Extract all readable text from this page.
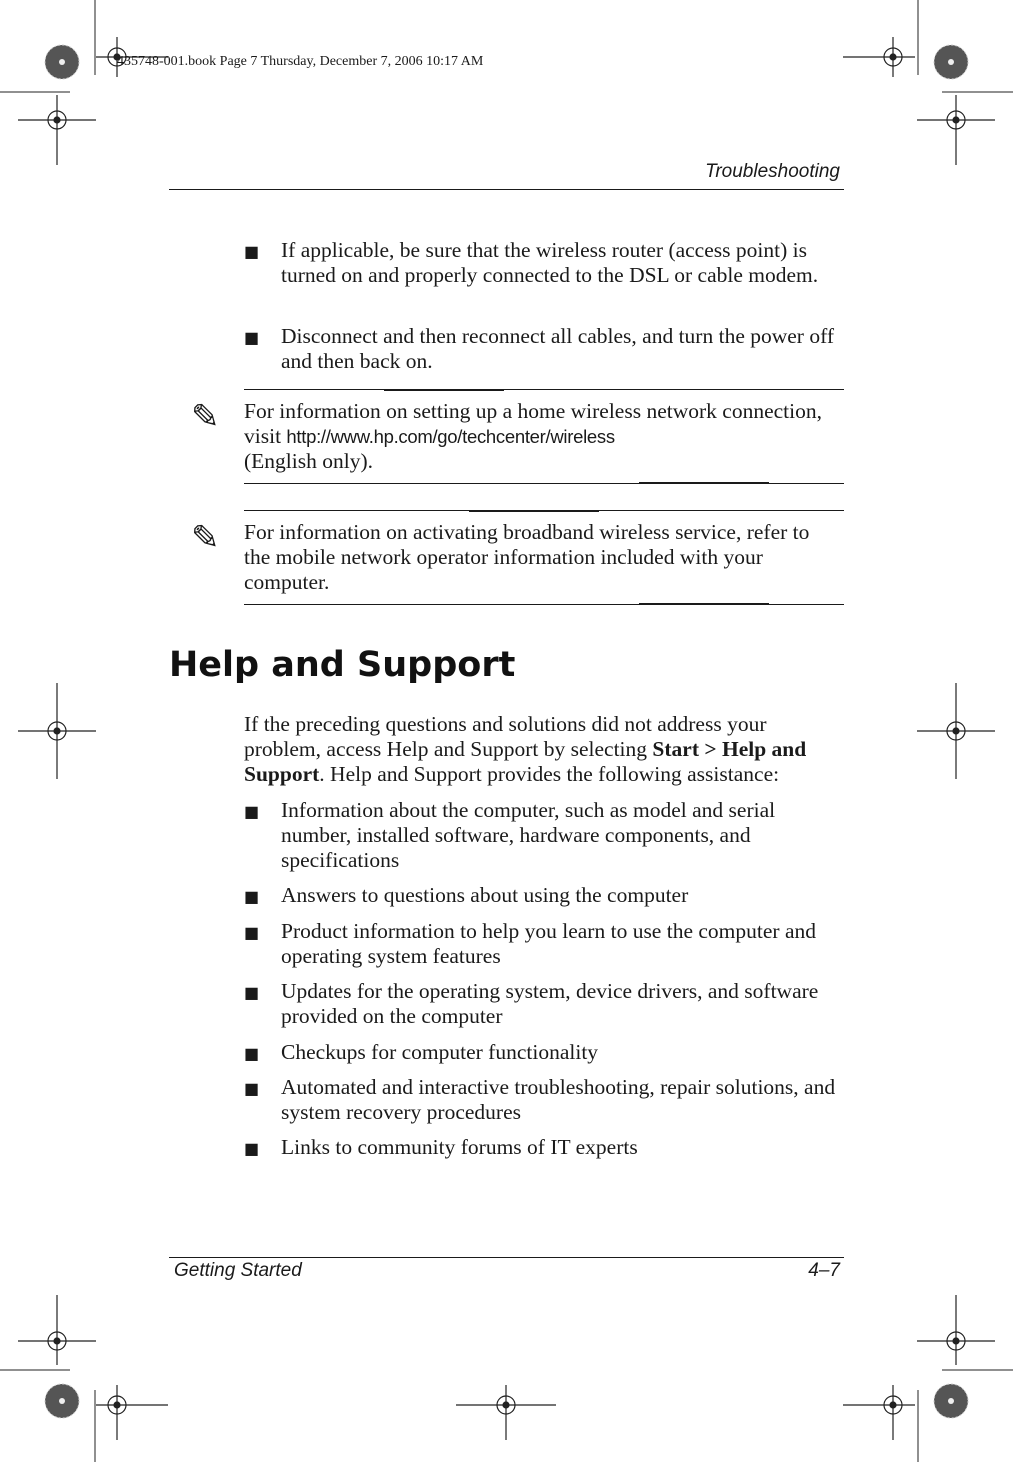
435748-001.book Page 7 Thursday, December 7, 2006 10:17 AM
Troubleshooting
■ If applicable, be sure that the wireless router (access point) is turned on and properly connected to the DSL or cable modem.
■ Disconnect and then reconnect all cables, and turn the power off and then back on.
✎ For information on setting up a home wireless network connection, visit http://www.hp.com/go/techcenter/wireless
(English only).
✎ For information on activating broadband wireless service, refer to the mobile network operator information included with your computer.
Help and Support
If the preceding questions and solutions did not address your problem, access Help and Support by selecting Start > Help and Support. Help and Support provides the following assistance:
■ Information about the computer, such as model and serial number, installed software, hardware components, and specifications
■ Answers to questions about using the computer
■ Product information to help you learn to use the computer and operating system features
■ Updates for the operating system, device drivers, and software provided on the computer
■ Checkups for computer functionality
■ Automated and interactive troubleshooting, repair solutions, and system recovery procedures
■ Links to community forums of IT experts
Getting Started	4–7
